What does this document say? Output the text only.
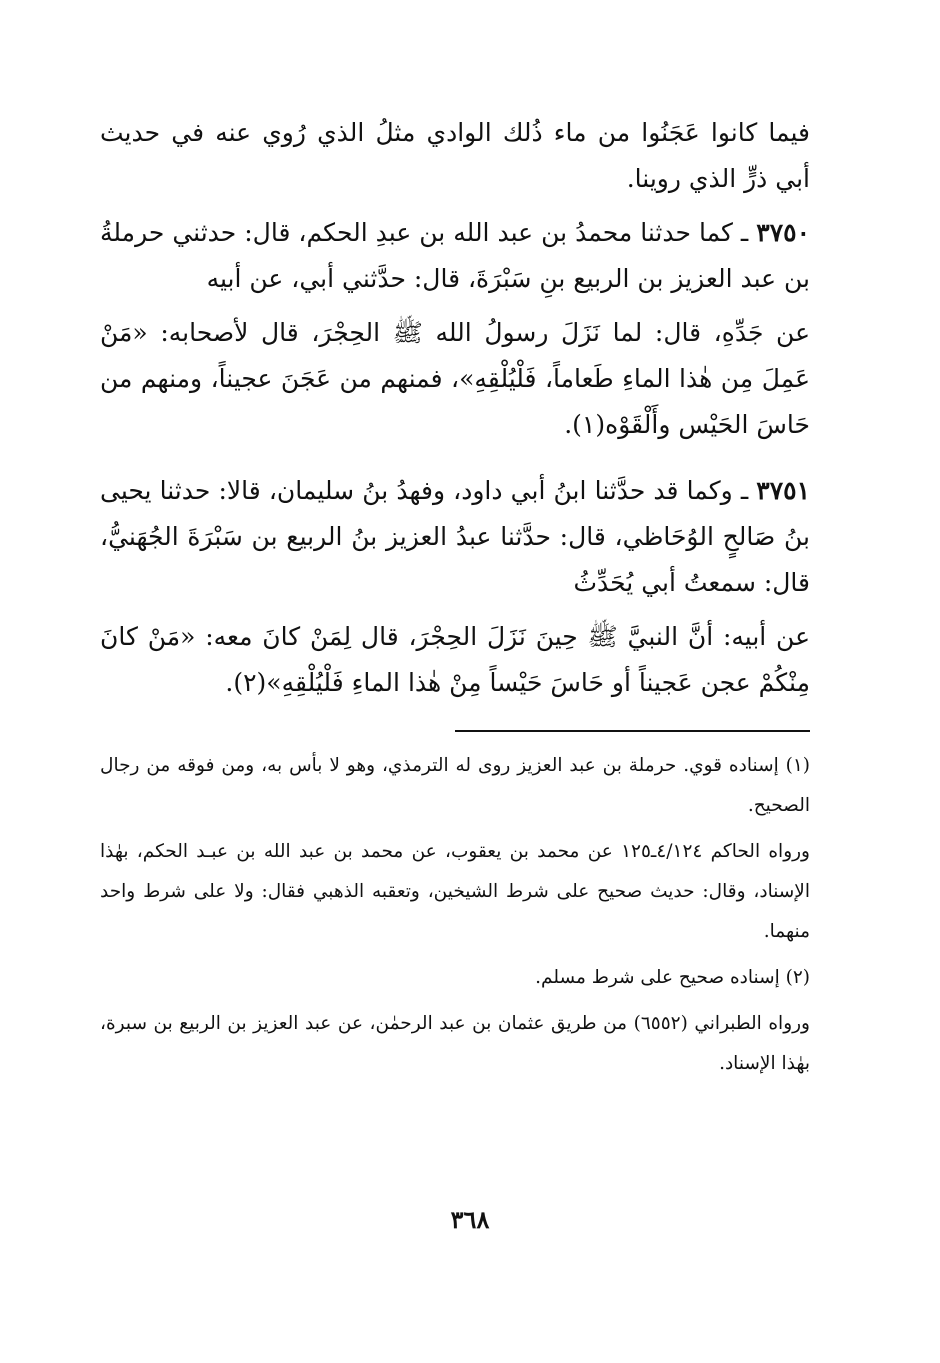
فيما كانوا عَجَنُوا من ماء ذُلك الوادي مثلُ الذي رُوي عنه في حديث أبي ذرٍّ الذي روينا.

٣٧٥٠ ـ كما حدثنا محمدُ بن عبد الله بن عبدِ الحكم، قال: حدثني حرملةُ بن عبد العزيز بن الربيع بنِ سَبْرَةَ، قال: حدَّثني أبي، عن أبيه

عن جَدِّهِ، قال: لما نَزَلَ رسولُ الله ﷺ الحِجْرَ، قال لأصحابه: «مَنْ عَمِلَ مِن هٰذا الماءِ طَعاماً، فَلْيُلْقِهِ»، فمنهم من عَجَنَ عجيناً، ومنهم من حَاسَ الحَيْس وأَلْقَوْه(١).

٣٧٥١ ـ وكما قد حدَّثنا ابنُ أبي داود، وفهدُ بنُ سليمان، قالا: حدثنا يحيى بنُ صَالحٍ الوُحَاظي، قال: حدَّثنا عبدُ العزيز بنُ الربيع بن سَبْرَةَ الجُهَنيُّ، قال: سمعتُ أبي يُحَدِّثُ

عن أبيه: أنَّ النبيَّ ﷺ حِينَ نَزَلَ الحِجْرَ، قال لِمَنْ كانَ معه: «مَنْ كانَ مِنْكُمْ عجن عَجيناً أو حَاسَ حَيْساً مِنْ هٰذا الماءِ فَلْيُلْقِهِ»(٢).

(١) إسناده قوي. حرملة بن عبد العزيز روى له الترمذي، وهو لا بأس به، ومن فوقه من رجال الصحيح.

ورواه الحاكم ٤/١٢٤ـ١٢٥ عن محمد بن يعقوب، عن محمد بن عبد الله بن عبـد الحكم، بهٰذا الإسناد، وقال: حديث صحيح على شرط الشيخين، وتعقبه الذهبي فقال: ولا على شرط واحد منهما.

(٢) إسناده صحيح على شرط مسلم.

ورواه الطبراني (٦٥٥٢) من طريق عثمان بن عبد الرحمٰن، عن عبد العزيز بن الربيع بن سبرة، بهٰذا الإسناد.

٣٦٨
